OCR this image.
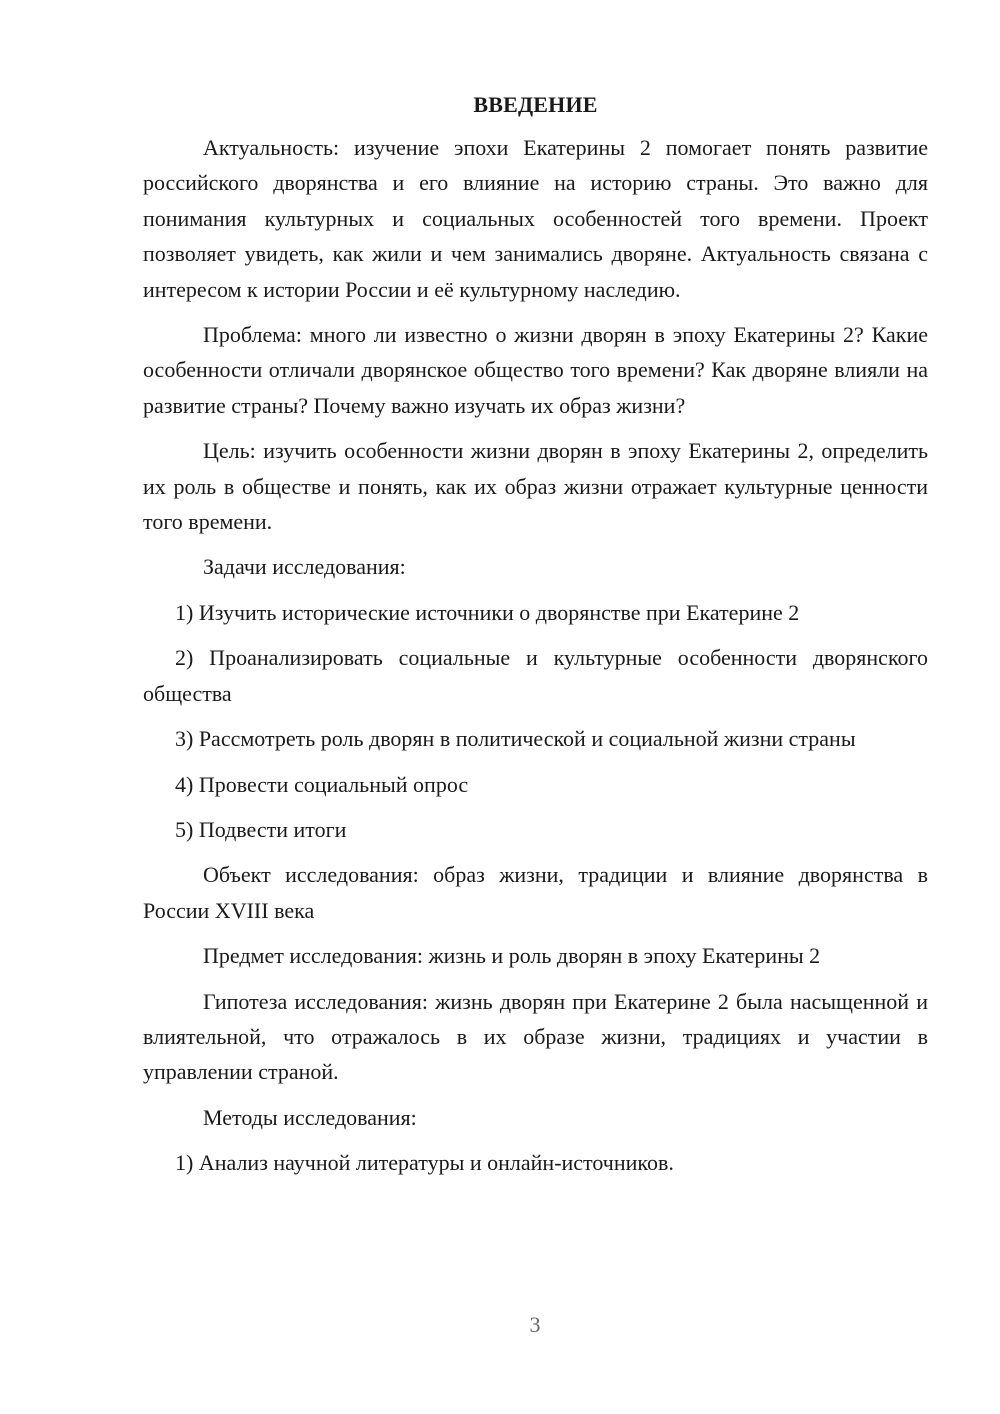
ВВЕДЕНИЕ

Актуальность: изучение эпохи Екатерины 2 помогает понять развитие российского дворянства и его влияние на историю страны. Это важно для понимания культурных и социальных особенностей того времени. Проект позволяет увидеть, как жили и чем занимались дворяне. Актуальность связана с интересом к истории России и её культурному наследию.

Проблема: много ли известно о жизни дворян в эпоху Екатерины 2? Какие особенности отличали дворянское общество того времени? Как дворяне влияли на развитие страны? Почему важно изучать их образ жизни?

Цель: изучить особенности жизни дворян в эпоху Екатерины 2, определить их роль в обществе и понять, как их образ жизни отражает культурные ценности того времени.

Задачи исследования:

1) Изучить исторические источники о дворянстве при Екатерине 2

2) Проанализировать социальные и культурные особенности дворянского общества

3) Рассмотреть роль дворян в политической и социальной жизни страны

4) Провести социальный опрос

5) Подвести итоги

Объект исследования: образ жизни, традиции и влияние дворянства в России XVIII века

Предмет исследования: жизнь и роль дворян в эпоху Екатерины 2

Гипотеза исследования: жизнь дворян при Екатерине 2 была насыщенной и влиятельной, что отражалось в их образе жизни, традициях и участии в управлении страной.

Методы исследования:

1) Анализ научной литературы и онлайн-источников.

3
